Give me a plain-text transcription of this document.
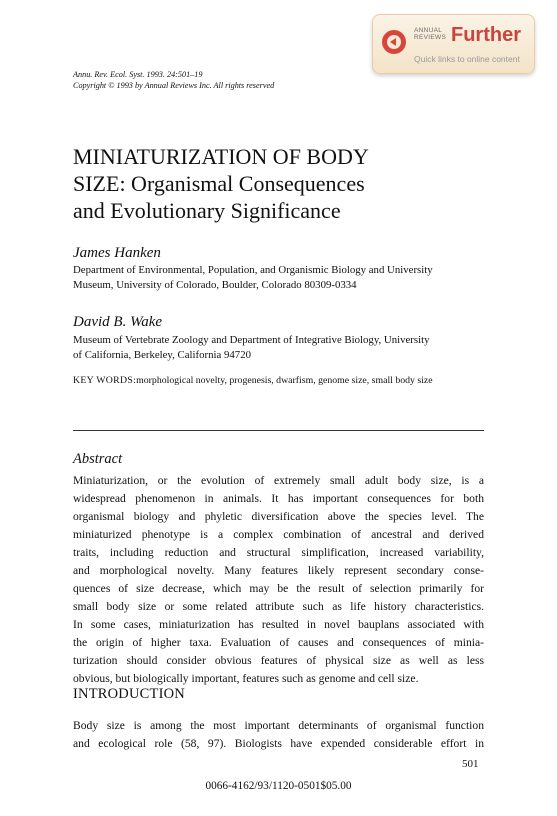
ANNUAL REVIEWS Further
Quick links to online content
Annu. Rev. Ecol. Syst. 1993. 24:501–19
Copyright © 1993 by Annual Reviews Inc. All rights reserved
MINIATURIZATION OF BODY
SIZE: Organismal Consequences
and Evolutionary Significance
James Hanken
Department of Environmental, Population, and Organismic Biology and University
Museum, University of Colorado, Boulder, Colorado 80309-0334
David B. Wake
Museum of Vertebrate Zoology and Department of Integrative Biology, University
of California, Berkeley, California 94720
KEY WORDS:morphological novelty, progenesis, dwarfism, genome size, small body size
Abstract
Miniaturization, or the evolution of extremely small adult body size, is a
widespread phenomenon in animals. It has important consequences for both
organismal biology and phyletic diversification above the species level. The
miniaturized phenotype is a complex combination of ancestral and derived
traits, including reduction and structural simplification, increased variability,
and morphological novelty. Many features likely represent secondary conse-
quences of size decrease, which may be the result of selection primarily for
small body size or some related attribute such as life history characteristics.
In some cases, miniaturization has resulted in novel bauplans associated with
the origin of higher taxa. Evaluation of causes and consequences of minia-
turization should consider obvious features of physical size as well as less
obvious, but biologically important, features such as genome and cell size.
INTRODUCTION
Body size is among the most important determinants of organismal function
and ecological role (58, 97). Biologists have expended considerable effort in
501
0066-4162/93/1120-0501$05.00
